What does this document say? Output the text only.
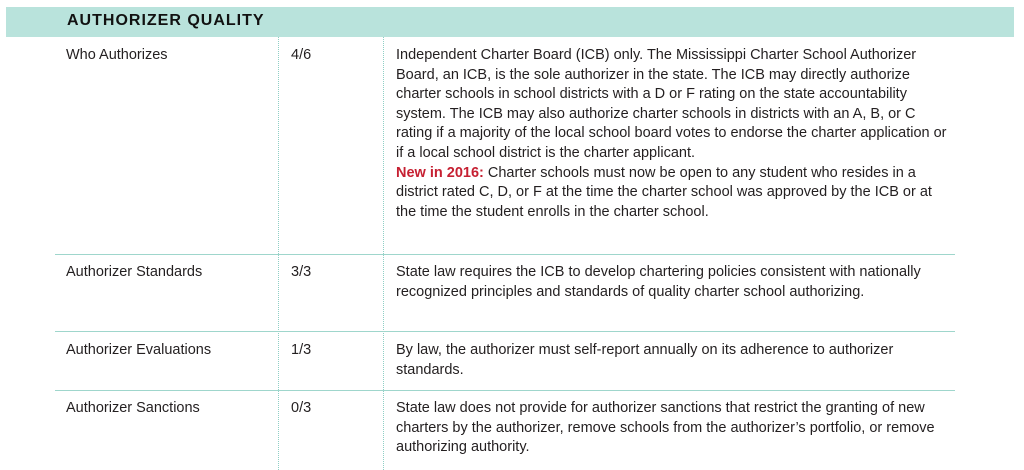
AUTHORIZER QUALITY
Who Authorizes	4/6	Independent Charter Board (ICB) only. The Mississippi Charter School Authorizer Board, an ICB, is the sole authorizer in the state. The ICB may directly authorize charter schools in school districts with a D or F rating on the state accountability system. The ICB may also authorize charter schools in districts with an A, B, or C rating if a majority of the local school board votes to endorse the charter application or if a local school district is the charter applicant.
New in 2016: Charter schools must now be open to any student who resides in a district rated C, D, or F at the time the charter school was approved by the ICB or at the time the student enrolls in the charter school.
Authorizer Standards	3/3	State law requires the ICB to develop chartering policies consistent with nationally recognized principles and standards of quality charter school authorizing.
Authorizer Evaluations	1/3	By law, the authorizer must self-report annually on its adherence to authorizer standards.
Authorizer Sanctions	0/3	State law does not provide for authorizer sanctions that restrict the granting of new charters by the authorizer, remove schools from the authorizer’s portfolio, or remove authorizing authority.
